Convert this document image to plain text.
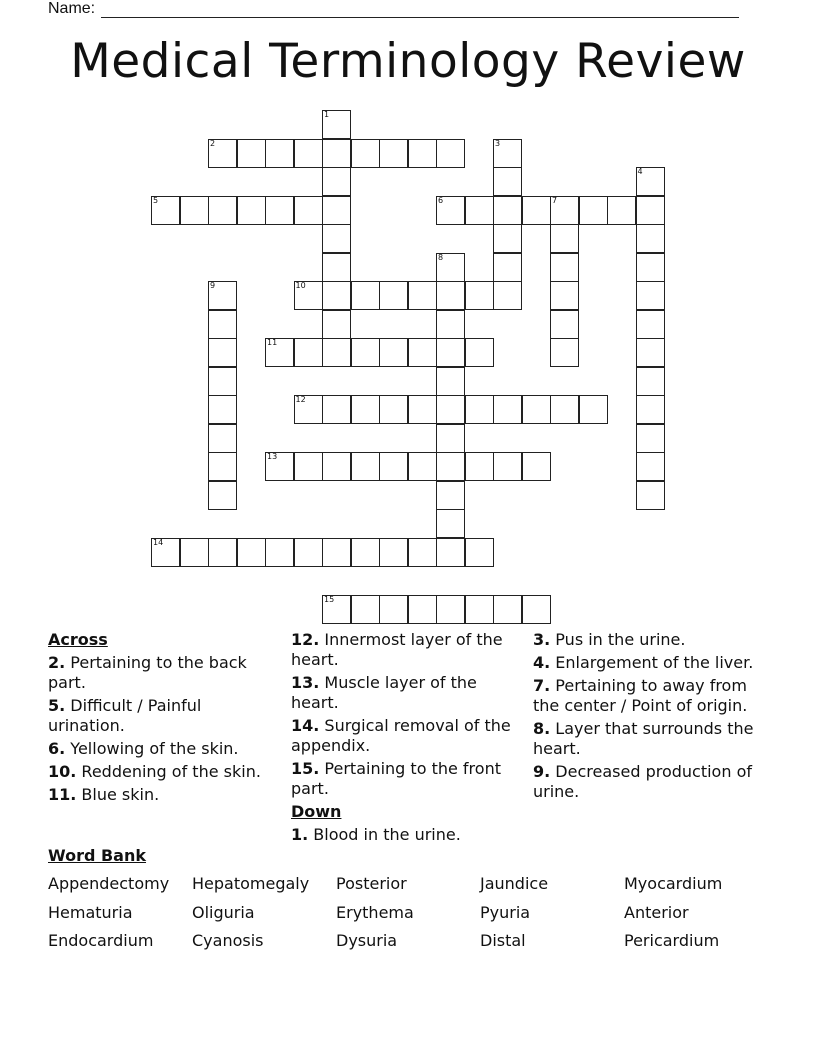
Name:
Medical Terminology Review
1
2	3
4
5	6	7
8
9	10
11
12
13
14
15
Across
2. Pertaining to the back part.
5. Difficult / Painful urination.
6. Yellowing of the skin.
10. Reddening of the skin.
11. Blue skin.
12. Innermost layer of the heart.
13. Muscle layer of the heart.
14. Surgical removal of the appendix.
15. Pertaining to the front part.
Down
1. Blood in the urine.
3. Pus in the urine.
4. Enlargement of the liver.
7. Pertaining to away from the center / Point of origin.
8. Layer that surrounds the heart.
9. Decreased production of urine.
Word Bank
Appendectomy Hepatomegaly Posterior	Jaundice	Myocardium
Hematuria	Oliguria	Erythema	Pyuria	Anterior
Endocardium Cyanosis	Dysuria	Distal	Pericardium
